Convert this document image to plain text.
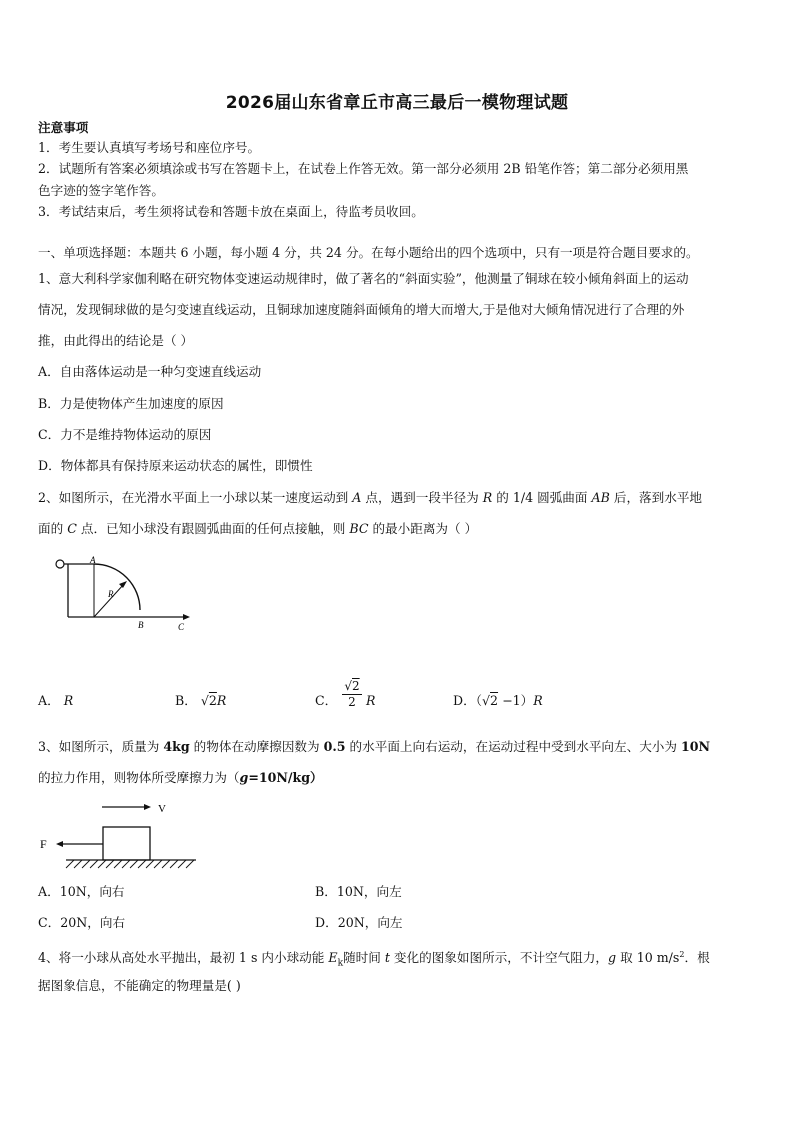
2026届山东省章丘市高三最后一模物理试题
注意事项
1．考生要认真填写考场号和座位序号。
2．试题所有答案必须填涂或书写在答题卡上，在试卷上作答无效。第一部分必须用 2B 铅笔作答；第二部分必须用黑
色字迹的签字笔作答。
3．考试结束后，考生须将试卷和答题卡放在桌面上，待监考员收回。
一、单项选择题：本题共 6 小题，每小题 4 分，共 24 分。在每小题给出的四个选项中，只有一项是符合题目要求的。
1、意大利科学家伽利略在研究物体变速运动规律时，做了著名的“斜面实验”，他测量了铜球在较小倾角斜面上的运动
情况，发现铜球做的是匀变速直线运动，且铜球加速度随斜面倾角的增大而增大,于是他对大倾角情况进行了合理的外
推，由此得出的结论是（ ）
A．自由落体运动是一种匀变速直线运动
B．力是使物体产生加速度的原因
C．力不是维持物体运动的原因
D．物体都具有保持原来运动状态的属性，即惯性
2、如图所示，在光滑水平面上一小球以某一速度运动到 A 点，遇到一段半径为 R 的 1/4 圆弧曲面 AB 后，落到水平地
面的 C 点．已知小球没有跟圆弧曲面的任何点接触，则 BC 的最小距离为（ ）
A
R
B	C
A． R	B． √2R	C．
√2
2 R	D．（√2 −1）R
3、如图所示，质量为 4kg 的物体在动摩擦因数为 0.5 的水平面上向右运动，在运动过程中受到水平向左、大小为 10N
的拉力作用，则物体所受摩擦力为（g=10N/kg）
V
F
A．10N，向右	B．10N，向左
C．20N，向右	D．20N，向左
4、将一小球从高处水平抛出，最初 1 s 内小球动能 $E_k$随时间 t 变化的图象如图所示，不计空气阻力，g 取 10 $m/s^2$．根
据图象信息，不能确定的物理量是( )
